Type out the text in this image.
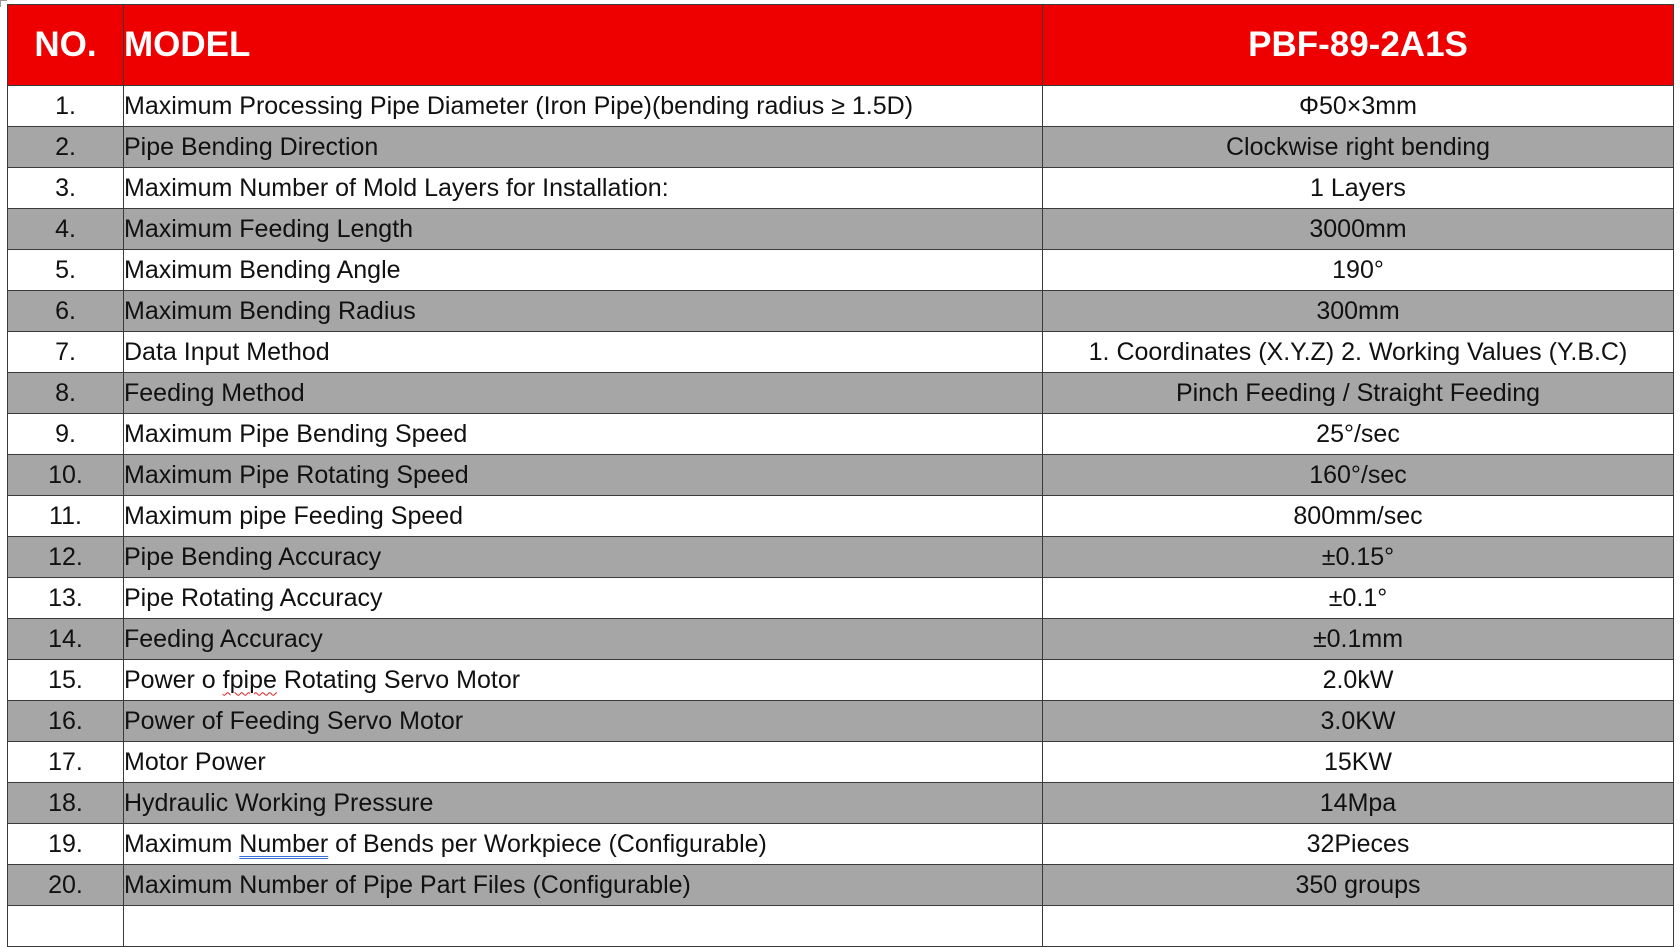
NO.	MODEL	PBF-89-2A1S
1.	Maximum Processing Pipe Diameter (Iron Pipe)(bending radius ≥ 1.5D)	Φ50×3mm
2.	Pipe Bending Direction	Clockwise right bending
3.	Maximum Number of Mold Layers for Installation:	1 Layers
4.	Maximum Feeding Length	3000mm
5.	Maximum Bending Angle	190°
6.	Maximum Bending Radius	300mm
7.	Data Input Method	1. Coordinates (X.Y.Z) 2. Working Values (Y.B.C)
8.	Feeding Method	Pinch Feeding / Straight Feeding
9.	Maximum Pipe Bending Speed	25°/sec
10.	Maximum Pipe Rotating Speed	160°/sec
11.	Maximum pipe Feeding Speed	800mm/sec
12.	Pipe Bending Accuracy	±0.15°
13.	Pipe Rotating Accuracy	±0.1°
14.	Feeding Accuracy	±0.1mm
15.	Power o fpipe Rotating Servo Motor	2.0kW
16.	Power of Feeding Servo Motor	3.0KW
17.	Motor Power	15KW
18.	Hydraulic Working Pressure	14Mpa
19.	Maximum Number of Bends per Workpiece (Configurable)	32Pieces
20.	Maximum Number of Pipe Part Files (Configurable)	350 groups
